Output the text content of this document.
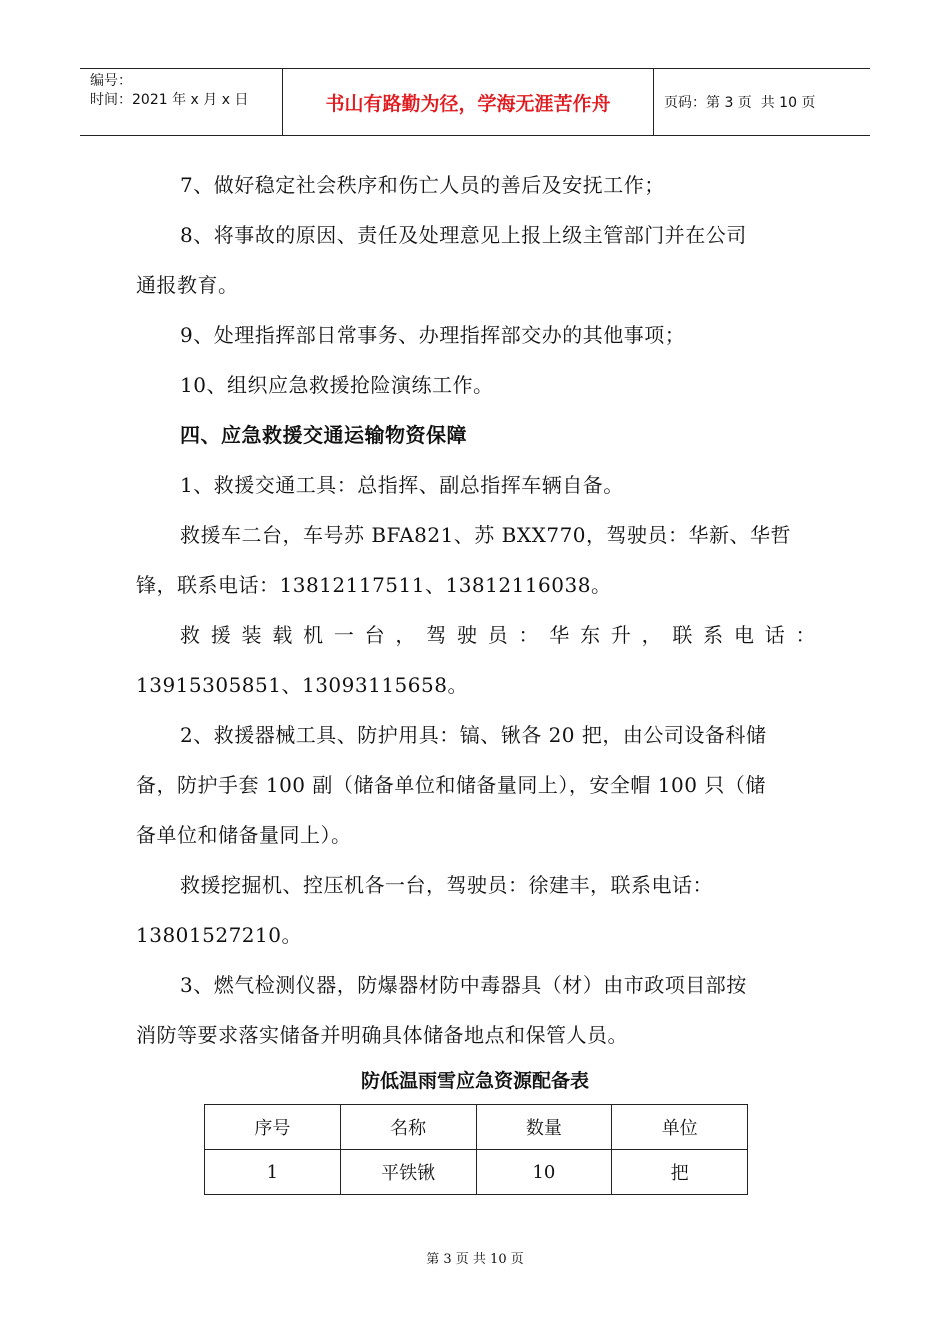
编号：
时间：2021 年 x 月 x 日	书山有路勤为径，学海无涯苦作舟	页码：第 3 页  共 10 页

7、做好稳定社会秩序和伤亡人员的善后及安抚工作；

8、将事故的原因、责任及处理意见上报上级主管部门并在公司

通报教育。

9、处理指挥部日常事务、办理指挥部交办的其他事项；

10、组织应急救援抢险演练工作。

四、应急救援交通运输物资保障

1、救援交通工具：总指挥、副总指挥车辆自备。

救援车二台，车号苏 BFA821、苏 BXX770，驾驶员：华新、华哲

锋，联系电话：13812117511、13812116038。

救援装载机一台，驾驶员：华东升，联系电话：

13915305851、13093115658。

2、救援器械工具、防护用具：镐、锹各 20 把，由公司设备科储

备，防护手套 100 副（储备单位和储备量同上），安全帽 100 只（储

备单位和储备量同上）。

救援挖掘机、控压机各一台，驾驶员：徐建丰，联系电话：

13801527210。

3、燃气检测仪器，防爆器材防中毒器具（材）由市政项目部按

消防等要求落实储备并明确具体储备地点和保管人员。

防低温雨雪应急资源配备表
序号	名称	数量	单位
1	平铁锹	10	把
第 3 页 共 10 页
